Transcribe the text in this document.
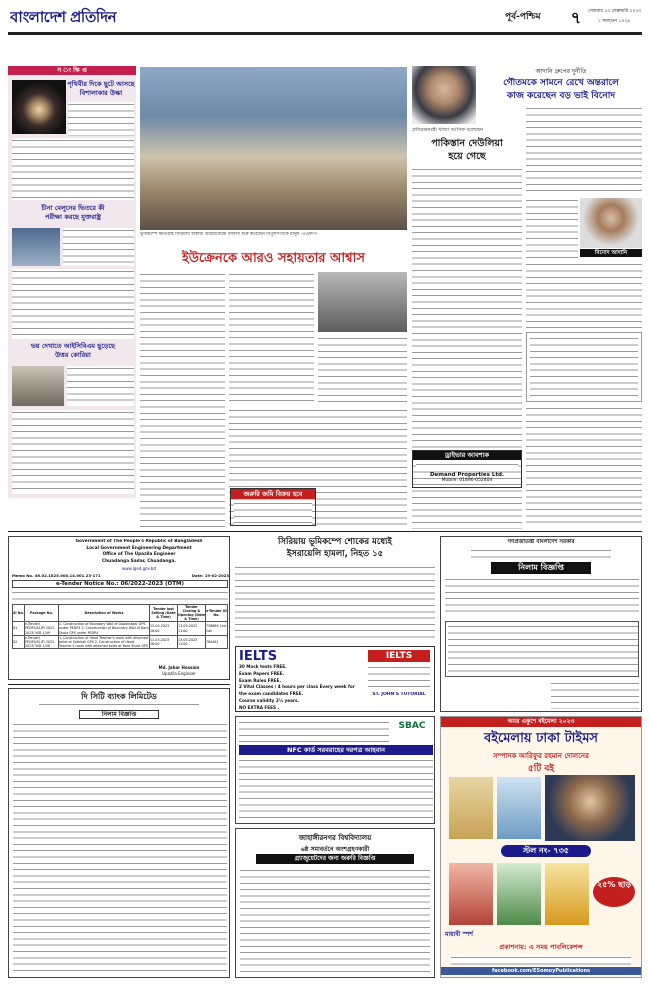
বাংলাদেশ প্রতিদিন	পূর্ব-পশ্চিম	৭	সোমবার ১৩ ফেব্রুয়ারি ২০২৩
১ ফাল্গুন ১৪২৯
স ং ক্ষি প্ত
পৃথিবীর দিকে ছুটে আসছে
বিশালাকার উল্কা
চীনা বেলুনের ভিতরে কী
পরীক্ষা করছে যুক্তরাষ্ট্র
ভয় দেখাতে আইসিবিএম ছুড়েছে
উত্তর কোরিয়া
ভূমিকম্পে ক্ষতিগ্রস্ত সিরিয়ায় অস্থায়ী আশ্রয়কেন্দ্রে বসবাস শুরু করেছেন বিপুলসংখ্যক মানুষ -এএফপি
ইউক্রেনকে আরও সহায়তার আশ্বাস
প্রতিরক্ষামন্ত্রী খাজা আসিফ বলেছেন
পাকিস্তান দেউলিয়া
হয়ে গেছে
আদানি গ্রুপের দুর্নীতি
গৌতমকে সামনে রেখে অন্তরালে
কাজ করেছেন বড় ভাই বিনোদ
বিনোদ আদানি
ড্রাইভার আবশ্যক
Demand Properties Ltd.
Mobile: 01896-052404
জরুরি জমি বিক্রয় হবে
Government of The People's Republic of Bangladesh
Local Government Engineering Department
Office of The Upazila Engineer
Chuadanga Sadar, Chuadanga.
www.lged.gov.bd
Memo No. 46.02.1825.000.14.001.23-171	Date: 19-02-2023
e-Tender Notice No.: 06/2022-2023 (OTM)
Sl No.	Package No.	Description of Works	Tender last Selling (Date & Time)	Tender Closing & Opening (Date & Time)	e-Tender ID No.
01	e-Tender/ PEDP4/SLIP/ 2022-2023/ WD-1/49	1. Construction of Boundary Wall of Gopalnagar GPS under PEDP4 2. Construction of Boundary Wall of Baro Shola GPS under PEDP4	12-03-2023 16:00	13-03-2023 11:00	758689 2nd Call
02	e-Tender/ PEDP4/SLIP/ 2022-2023/ WD-1/48	1. Construction of Head Teacher's room with attached toilet at Satkhali GPS 2. Construction of Head Teacher's room with attached toilet at Boro Shola GPS	12-03-2023 16:00	13-03-2023 11:00	764461
Md. Jahar Hossain
Upazila Engineer
সিরিয়ায় ভূমিকম্পে শোকের মধ্যেই
ইসরায়েলি হামলা, নিহত ১৫
IELTS
30 Mock tests FREE.
Exam Papers FREE.
Exam Rules FREE.
2 Vital Classes / 4 hours per class Every week for the exam candidates FREE.
Course validity 2½ years.
NO EXTRA FEES .
IELTS
ST. JOHN'S TUTORIAL
গণপ্রজাতন্ত্রী বাংলাদেশ সরকার
নিলাম বিজ্ঞপ্তি
দি সিটি ব্যাংক লিমিটেড
নিলাম বিজ্ঞপ্তি
SBAC
NFC কার্ড সরবরাহের দরপত্র আহবান
জাহাঙ্গীরনগর বিশ্ববিদ্যালয়
৬ষ্ঠ সমাবর্তনে অংশগ্রহণকারী
গ্র্যাজুয়েটদের জন্য জরুরি বিজ্ঞপ্তি
অমর একুশে বইমেলা ২০২৩
বইমেলায় ঢাকা টাইমস
সম্পাদক আরিফুর রহমান দোলনের
৫টি বই
স্টল নং- ৭৩৫
২৫% ছাড়
মায়াবী স্পর্শ
প্রকাশনায়: এ সময় পাবলিকেশন্স
facebook.com/ESomoyPublications
